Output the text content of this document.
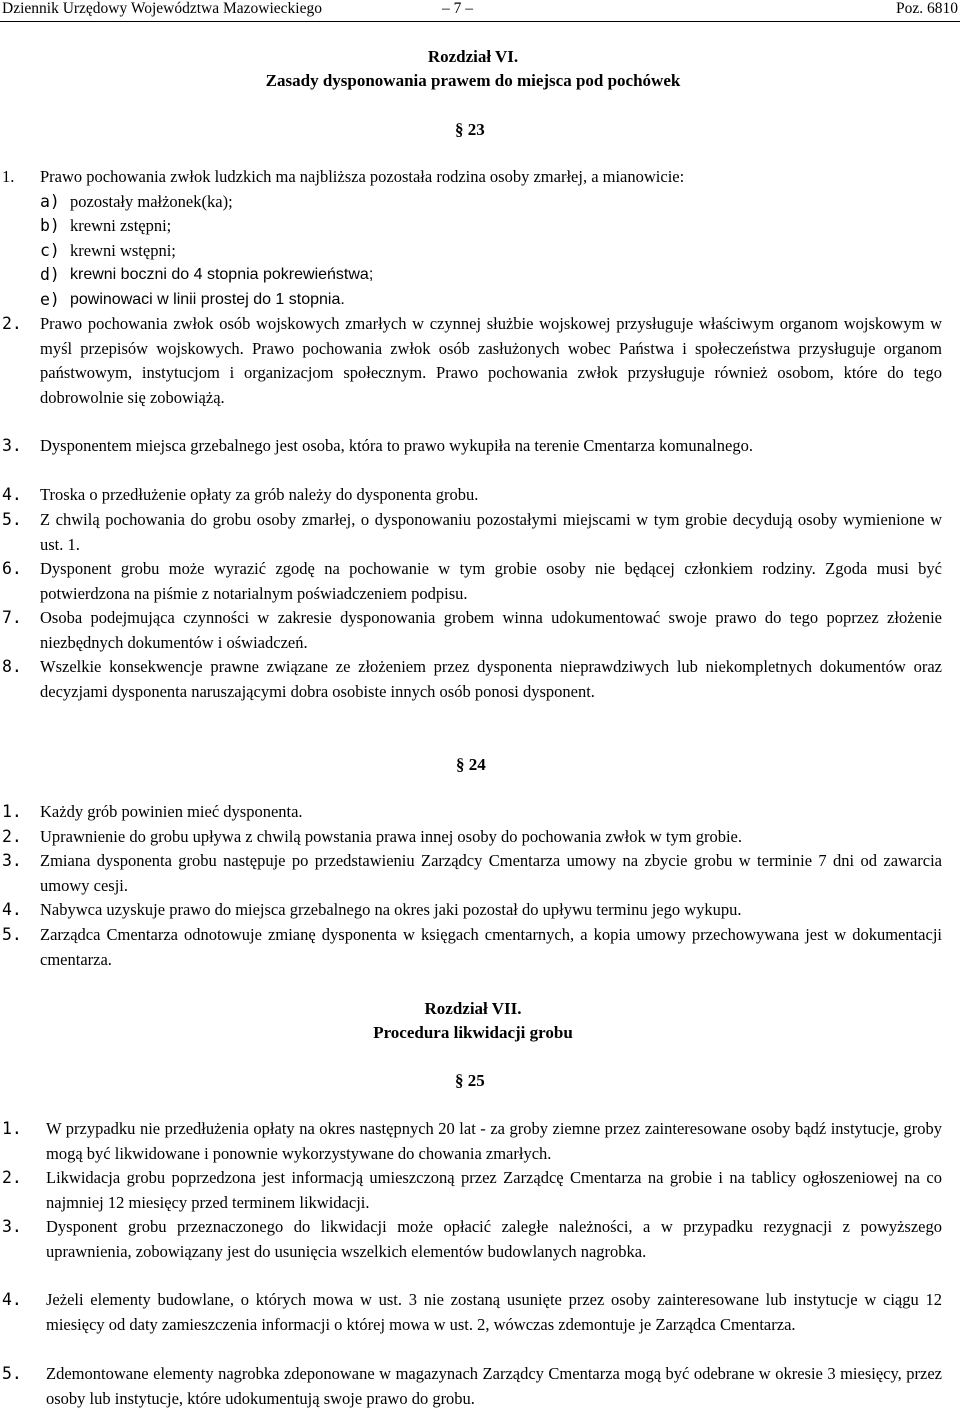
Dziennik Urzędowy Województwa Mazowieckiego	– 7 –	Poz. 6810
Rozdział VI.
Zasady dysponowania prawem do miejsca pod pochówek
§ 23
1. Prawo pochowania zwłok ludzkich ma najbliższa pozostała rodzina osoby zmarłej, a mianowicie:
a) pozostały małżonek(ka);
b) krewni zstępni;
c) krewni wstępni;
d) krewni boczni do 4 stopnia pokrewieństwa;
e) powinowaci w linii prostej do 1 stopnia.
2. Prawo pochowania zwłok osób wojskowych zmarłych w czynnej służbie wojskowej przysługuje właściwym organom wojskowym w myśl przepisów wojskowych. Prawo pochowania zwłok osób zasłużonych wobec Państwa i społeczeństwa przysługuje organom państwowym, instytucjom i organizacjom społecznym. Prawo pochowania zwłok przysługuje również osobom, które do tego dobrowolnie się zobowiążą.
3. Dysponentem miejsca grzebalnego jest osoba, która to prawo wykupiła na terenie Cmentarza komunalnego.
4. Troska o przedłużenie opłaty za grób należy do dysponenta grobu.
5. Z chwilą pochowania do grobu osoby zmarłej, o dysponowaniu pozostałymi miejscami w tym grobie decydują osoby wymienione w ust. 1.
6. Dysponent grobu może wyrazić zgodę na pochowanie w tym grobie osoby nie będącej członkiem rodziny. Zgoda musi być potwierdzona na piśmie z notarialnym poświadczeniem podpisu.
7. Osoba podejmująca czynności w zakresie dysponowania grobem winna udokumentować swoje prawo do tego poprzez złożenie niezbędnych dokumentów i oświadczeń.
8. Wszelkie konsekwencje prawne związane ze złożeniem przez dysponenta nieprawdziwych lub niekompletnych dokumentów oraz decyzjami dysponenta naruszającymi dobra osobiste innych osób ponosi dysponent.
§ 24
1. Każdy grób powinien mieć dysponenta.
2. Uprawnienie do grobu upływa z chwilą powstania prawa innej osoby do pochowania zwłok w tym grobie.
3. Zmiana dysponenta grobu następuje po przedstawieniu Zarządcy Cmentarza umowy na zbycie grobu w terminie 7 dni od zawarcia umowy cesji.
4. Nabywca uzyskuje prawo do miejsca grzebalnego na okres jaki pozostał do upływu terminu jego wykupu.
5. Zarządca Cmentarza odnotowuje zmianę dysponenta w księgach cmentarnych, a kopia umowy przechowywana jest w dokumentacji cmentarza.
Rozdział VII.
Procedura likwidacji grobu
§ 25
1. W przypadku nie przedłużenia opłaty na okres następnych 20 lat - za groby ziemne przez zainteresowane osoby bądź instytucje, groby mogą być likwidowane i ponownie wykorzystywane do chowania zmarłych.
2. Likwidacja grobu poprzedzona jest informacją umieszczoną przez Zarządcę Cmentarza na grobie i na tablicy ogłoszeniowej na co najmniej 12 miesięcy przed terminem likwidacji.
3. Dysponent grobu przeznaczonego do likwidacji może opłacić zaległe należności, a w przypadku rezygnacji z powyższego uprawnienia, zobowiązany jest do usunięcia wszelkich elementów budowlanych nagrobka.
4. Jeżeli elementy budowlane, o których mowa w ust. 3 nie zostaną usunięte przez osoby zainteresowane lub instytucje w ciągu 12 miesięcy od daty zamieszczenia informacji o której mowa w ust. 2, wówczas zdemontuje je Zarządca Cmentarza.
5. Zdemontowane elementy nagrobka zdeponowane w magazynach Zarządcy Cmentarza mogą być odebrane w okresie 3 miesięcy, przez osoby lub instytucje, które udokumentują swoje prawo do grobu.
